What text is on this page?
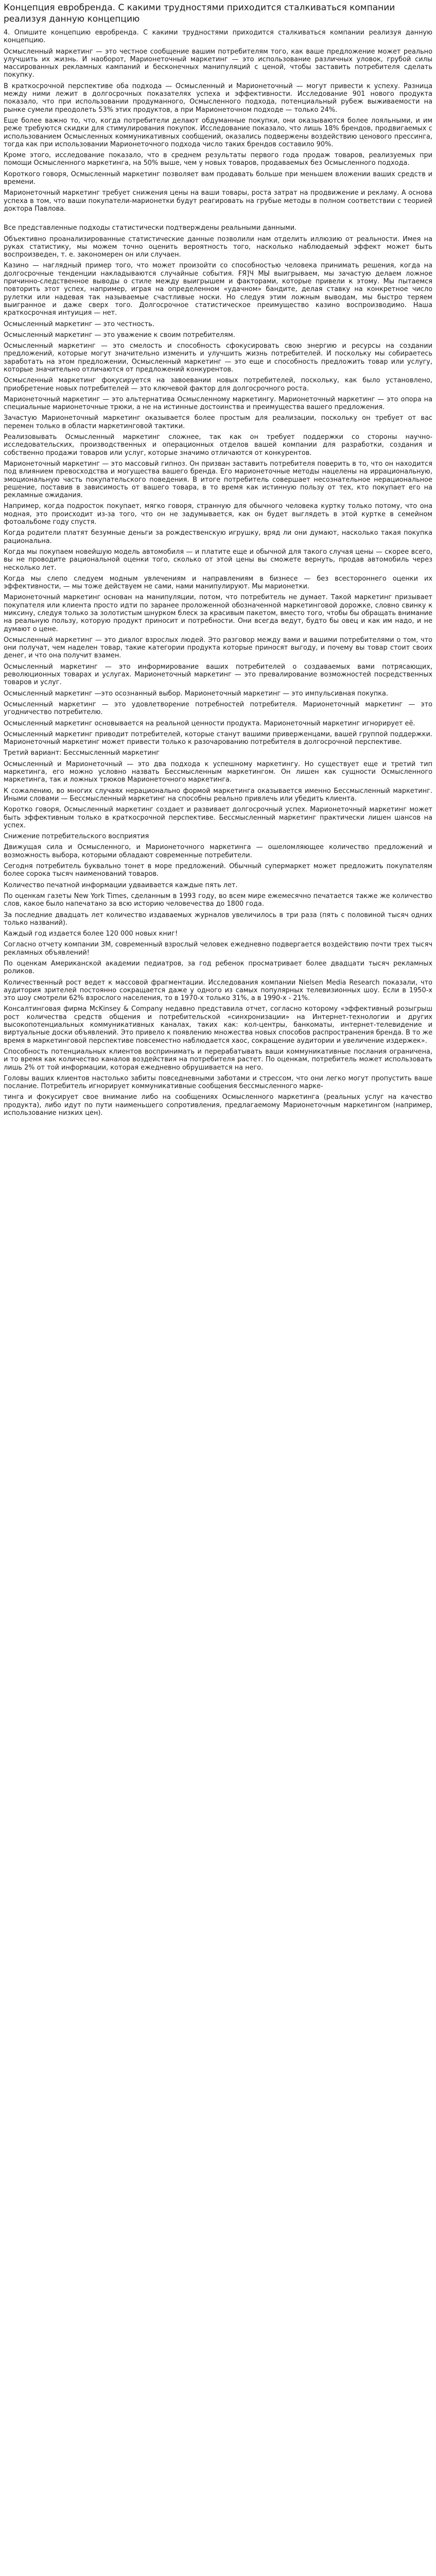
Концепция евробренда. С какими трудностями приходится сталкиваться компании реализуя данную концепцию

4. Опишите концепцию евробренда. С какими трудностями приходится сталкиваться компании реализуя данную концепцию.

Осмысленный маркетинг — это честное сообщение вашим потребителям того, как ваше предложение может реально улучшить их жизнь. И наоборот, Марионеточный маркетинг — это использование различных уловок, грубой силы массированных рекламных кампаний и бесконечных манипуляций с ценой, чтобы заставить потребителя сделать покупку.

В краткосрочной перспективе оба подхода — Осмысленный и Марионеточный — могут привести к успеху. Разница между ними лежит в долгосрочных показателях успеха и эффективности. Исследование 901 нового продукта показало, что при использовании продуманного, Осмысленного подхода, потенциальный рубеж выживаемости на рынке сумели преодолеть 53% этих продуктов, а при Марионеточном подходе — только 24%.

Еще более важно то, что, когда потребители делают обдуманные покупки, они оказываются более лояльными, и им реже требуются скидки для стимулирования покупок. Исследование показало, что лишь 18% брендов, продвигаемых с использованием Осмысленных коммуникативных сообщений, оказались подвержены воздействию ценового прессинга, тогда как при использовании Марионеточного подхода число таких брендов составило 90%.

Кроме этого, исследование показало, что в среднем результаты первого года продаж товаров, реализуемых при помощи Осмысленного маркетинга, на 50% выше, чем у новых товаров, продаваемых без Осмысленного подхода.

Короткого говоря, Осмысленный маркетинг позволяет вам продавать больше при меньшем вложении ваших средств и времени.

Марионеточный маркетинг требует снижения цены на ваши товары, роста затрат на продвижение и рекламу. А основа успеха в том, что ваши покупатели-марионетки будут реагировать на грубые методы в полном соответствии с теорией доктора Павлова.

Все представленные подходы статистически подтверждены реальными данными.

Объективно проанализированные статистические данные позволили нам отделить иллюзию от реальности. Имея на руках статистику, мы можем точно оценить вероятность того, насколько наблюдаемый эффект может быть воспроизведен, т. е. закономерен он или случаен.

Казино — наглядный пример того, что может произойти со способностью человека принимать решения, когда на долгосрочные тенденции накладываются случайные события. FЯ]Ч МЫ выигрываем, мы зачастую делаем ложное причинно-следственное выводы о стиле между выигрышем и факторами, которые привели к этому. Мы пытаемся повторить этот успех, например, играя на определенном «удачном» бандите, делая ставку на конкретное число рулетки или надевая так называемые счастливые носки. Но следуя этим ложным выводам, мы быстро теряем выигранное и даже сверх того. Долгосрочное статистическое преимущество казино воспроизводимо. Наша краткосрочная интуиция — нет.

Осмысленный маркетинг — это честность.

Осмысленный маркетинг — это уважение к своим потребителям.

Осмысленный маркетинг — это смелость и способность сфокусировать свою энергию и ресурсы на создании предложений, которые могут значительно изменить и улучшить жизнь потребителей. И поскольку мы собираетесь заработать на этом предложении, Осмысленный маркетинг — это еще и способность предложить товар или услугу, которые значительно отличаются от предложений конкурентов.

Осмысленный маркетинг фокусируется на завоевании новых потребителей, поскольку, как было установлено, приобретение новых потребителей — это ключевой фактор для долгосрочного роста.

Марионеточный маркетинг — это альтернатива Осмысленному маркетингу. Марионеточный маркетинг — это опора на специальные марионеточные трюки, а не на истинные достоинства и преимущества вашего предложения.

Зачастую Марионеточный маркетинг оказывается более простым для реализации, поскольку он требует от вас перемен только в области маркетинговой тактики.

Реализовывать Осмысленный маркетинг сложнее, так как он требует поддержки со стороны научно-исследовательских, производственных и операционных отделов вашей компании для разработки, создания и собственно продажи товаров или услуг, которые значимо отличаются от конкурентов.

Марионеточный маркетинг — это массовый гипноз. Он призван заставить потребителя поверить в то, что он находится под влиянием превосходства и могущества вашего бренда. Его марионеточные методы нацелены на иррациональную, эмоциональную часть покупательского поведения. В итоге потребитель совершает несознательное нерациональное решение, поставив в зависимость от вашего товара, в то время как истинную пользу от тех, кто покупает его на рекламные ожидания.

Например, когда подросток покупает, мягко говоря, странную для обычного человека куртку только потому, что она модная, это происходит из-за того, что он не задумывается, как он будет выглядеть в этой куртке в семейном фотоальбоме году спустя.

Когда родители платят безумные деньги за рождественскую игрушку, вряд ли они думают, насколько такая покупка рациональна.

Когда мы покупаем новейшую модель автомобиля — и платите еще и обычной для такого случая цены — скорее всего, вы не проводите рациональной оценки того, сколько от этой цены вы сможете вернуть, продав автомобиль через несколько лет.

Когда мы слепо следуем модным увлечениям и направлениям в бизнесе — без всестороннего оценки их эффективности, — мы тоже действуем не сами, нами манипулируют. Мы марионетки.

Марионеточный маркетинг основан на манипуляции, потом, что потребитель не думает. Такой маркетинг призывает покупателя или клиента просто идти по заранее проложенной обозначенной маркетинговой дорожке, словно свинку к миксину, следуя только за золотистым шнурком блеск за красивым пакетом, вместо того, чтобы бы обращать внимание на реальную пользу, которую продукт приносит и потребности. Они всегда ведут, будто бы овец и как им надо, и не думают о цене.

Осмысленный маркетинг — это диалог взрослых людей. Это разговор между вами и вашими потребителями о том, что они получат, чем наделен товар, такие категории продукта которые приносят выгоду, и почему вы товар стоит своих денег, и что она получит взамен.

Осмысленный маркетинг — это информирование ваших потребителей о создаваемых вами потрясающих, революционных товарах и услугах. Марионеточный маркетинг — это превалирование возможностей посредственных товаров и услуг.

Осмысленный маркетинг —это осознанный выбор. Марионеточный маркетинг — это импульсивная покупка.

Осмысленный маркетинг — это удовлетворение потребностей потребителя. Марионеточный маркетинг — это угодничество потребителю.

Осмысленный маркетинг основывается на реальной ценности продукта. Марионеточный маркетинг игнорирует её.

Осмысленный маркетинг приводит потребителей, которые станут вашими приверженцами, вашей группой поддержки. Марионеточный маркетинг может привести только к разочарованию потребителя в долгосрочной перспективе.

Третий вариант: Бессмысленный маркетинг

Осмысленный и Марионеточный — это два подхода к успешному маркетингу. Но существует еще и третий тип маркетинга, его можно условно назвать Бессмысленным маркетингом. Он лишен как сущности Осмысленного маркетинга, так и ложных трюков Марионеточного маркетинга.

К сожалению, во многих случаях нерационально формой маркетинга оказывается именно Бессмысленный маркетинг. Иными словами — Бессмысленный маркетинг на способны реально привлечь или убедить клиента.

Коротко говоря, Осмысленный маркетинг создает и развивает долгосрочный успех. Марионеточный маркетинг может быть эффективным только в краткосрочной перспективе. Бессмысленный маркетинг практически лишен шансов на успех.

Снижение потребительского восприятия

Движущая сила и Осмысленного, и Марионеточного маркетинга — ошеломляющее количество предложений и возможность выбора, которыми обладают современные потребители.

Сегодня потребитель буквально тонет в море предложений. Обычный супермаркет может предложить покупателям более сорока тысяч наименований товаров.

Количество печатной информации удваивается каждые пять лет.

По оценкам газеты New York Times, сделанным в 1993 году, во всем мире ежемесячно печатается также же количество слов, какое было напечатано за всю историю человечества до 1800 года.

За последние двадцать лет количество издаваемых журналов увеличилось в три раза (пять с половиной тысяч одних только названий).

Каждый год издается более 120 000 новых книг!

Согласно отчету компании 3M, современный взрослый человек ежедневно подвергается воздействию почти трех тысяч рекламных объявлений!

По оценкам Американской академии педиатров, за год ребенок просматривает более двадцати тысяч рекламных роликов.

Количественный рост ведет к массовой фрагментации. Исследования компании Nielsen Media Research показали, что аудитория зрителей постоянно сокращается даже у одного из самых популярных телевизионных шоу. Если в 1950-х это шоу смотрели 62% взрослого населения, то в 1970-х только 31%, а в 1990-х - 21%.

Консалтинговая фирма McKinsey & Company недавно представила отчет, согласно которому «эффективный розыгрыш рост количества средств общения и потребительской «синхронизации» на Интернет-технологии и других высокопотенциальных коммуникативных каналах, таких как: кол-центры, банкоматы, интернет-телевидение и виртуальные доски объявлений. Это привело к появлению множества новых способов распространения бренда. В то же время в маркетинговой перспективе повсеместно наблюдается хаос, сокращение аудитории и увеличение издержек».

Способность потенциальных клиентов воспринимать и перерабатывать ваши коммуникативные послания ограничена, и то время как количество каналов воздействия на потребителя растет. По оценкам, потребитель может использовать лишь 2% от той информации, которая ежедневно обрушивается на него.

Головы ваших клиентов настолько забиты повседневными заботами и стрессом, что они легко могут пропустить ваше послание. Потребитель игнорирует коммуникативные сообщения бессмысленного марке-

тинга и фокусирует свое внимание либо на сообщениях Осмысленного маркетинга (реальных услуг на качество продукта), либо идут по пути наименьшего сопротивления, предлагаемому Марионеточным маркетингом (например, использование низких цен).
